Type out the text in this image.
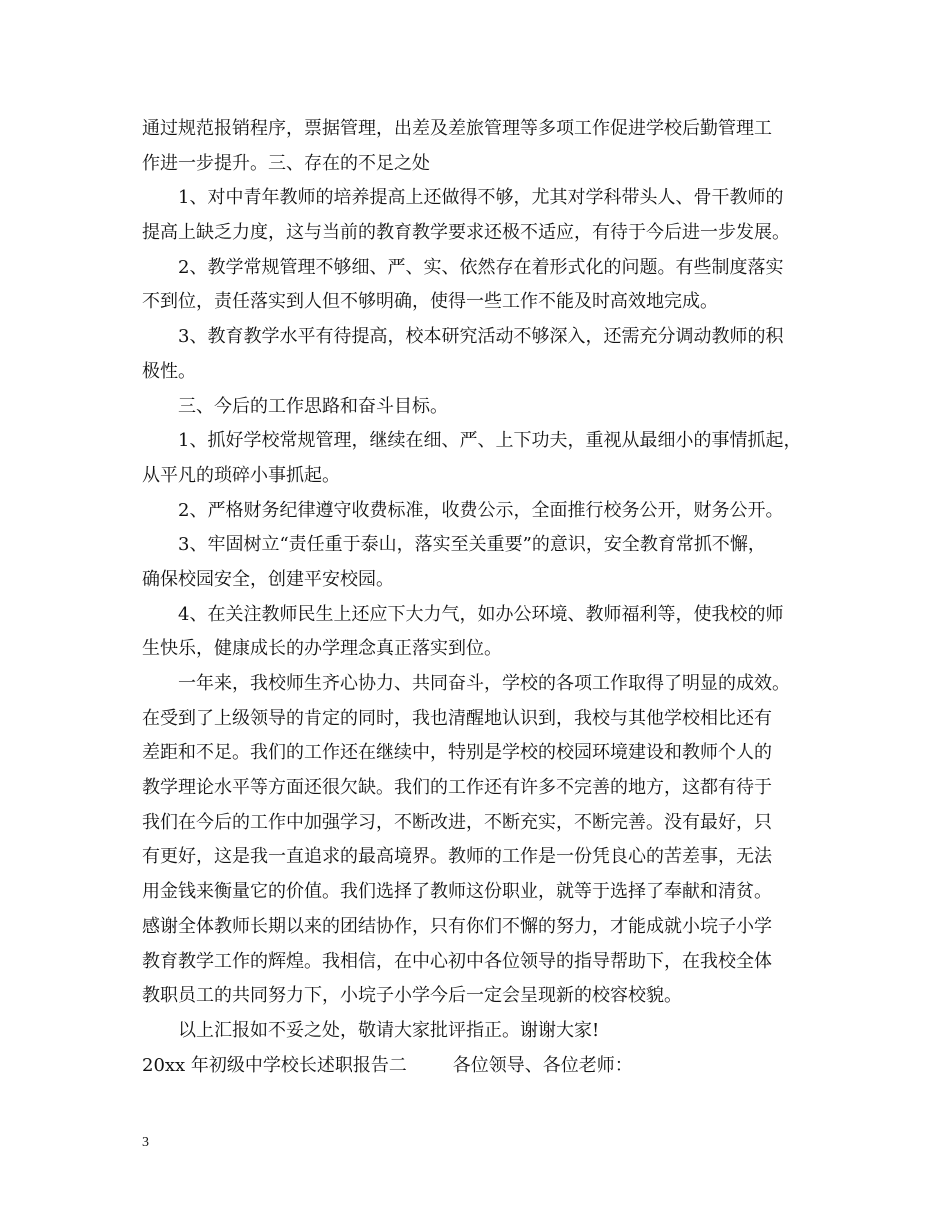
通过规范报销程序，票据管理，出差及差旅管理等多项工作促进学校后勤管理工
作进一步提升。三、存在的不足之处
1、对中青年教师的培养提高上还做得不够，尤其对学科带头人、骨干教师的
提高上缺乏力度，这与当前的教育教学要求还极不适应，有待于今后进一步发展。
2、教学常规管理不够细、严、实、依然存在着形式化的问题。有些制度落实
不到位，责任落实到人但不够明确，使得一些工作不能及时高效地完成。
3、教育教学水平有待提高，校本研究活动不够深入，还需充分调动教师的积
极性。
三、今后的工作思路和奋斗目标。
1、抓好学校常规管理，继续在细、严、上下功夫，重视从最细小的事情抓起，
从平凡的琐碎小事抓起。
2、严格财务纪律遵守收费标准，收费公示，全面推行校务公开，财务公开。
3、牢固树立“责任重于泰山，落实至关重要”的意识，安全教育常抓不懈，
确保校园安全，创建平安校园。
4、在关注教师民生上还应下大力气，如办公环境、教师福利等，使我校的师
生快乐，健康成长的办学理念真正落实到位。
一年来，我校师生齐心协力、共同奋斗，学校的各项工作取得了明显的成效。
在受到了上级领导的肯定的同时，我也清醒地认识到，我校与其他学校相比还有
差距和不足。我们的工作还在继续中，特别是学校的校园环境建设和教师个人的
教学理论水平等方面还很欠缺。我们的工作还有许多不完善的地方，这都有待于
我们在今后的工作中加强学习，不断改进，不断充实，不断完善。没有最好，只
有更好，这是我一直追求的最高境界。教师的工作是一份凭良心的苦差事，无法
用金钱来衡量它的价值。我们选择了教师这份职业，就等于选择了奉献和清贫。
感谢全体教师长期以来的团结协作，只有你们不懈的努力，才能成就小垸子小学
教育教学工作的辉煌。我相信，在中心初中各位领导的指导帮助下，在我校全体
教职员工的共同努力下，小垸子小学今后一定会呈现新的校容校貌。
以上汇报如不妥之处，敬请大家批评指正。谢谢大家!
20xx 年初级中学校长述职报告二        各位领导、各位老师：
3
